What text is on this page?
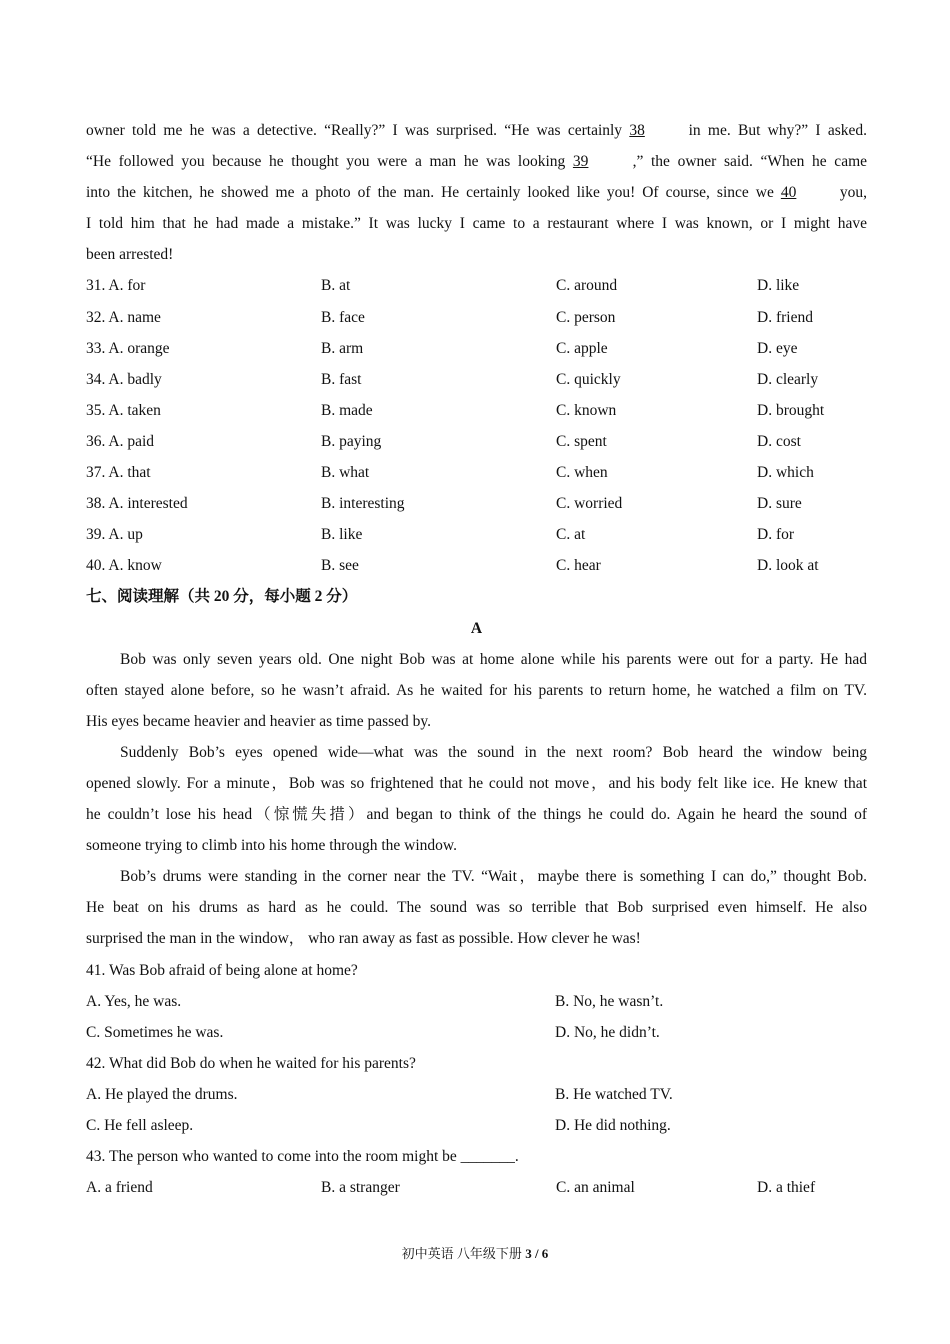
owner told me he was a detective. “Really?” I was surprised. “He was certainly 38 in me. But why?” I asked.
“He followed you because he thought you were a man he was looking 39 ,” the owner said. “When he came
into the kitchen, he showed me a photo of the man. He certainly looked like you! Of course, since we 40 you,
I told him that he had made a mistake.” It was lucky I came to a restaurant where I was known, or I might have
been arrested!
31. A. for	B. at	C. around	D. like
32. A. name	B. face	C. person	D. friend
33. A. orange	B. arm	C. apple	D. eye
34. A. badly	B. fast	C. quickly	D. clearly
35. A. taken	B. made	C. known	D. brought
36. A. paid	B. paying	C. spent	D. cost
37. A. that	B. what	C. when	D. which
38. A. interested	B. interesting	C. worried	D. sure
39. A. up	B. like	C. at	D. for
40. A. know	B. see	C. hear	D. look at
七、阅读理解（共 20 分，每小题 2 分）
A
Bob was only seven years old. One night Bob was at home alone while his parents were out for a party. He had
often stayed alone before, so he wasn’t afraid. As he waited for his parents to return home, he watched a film on TV.
His eyes became heavier and heavier as time passed by.
Suddenly Bob’s eyes opened wide—what was the sound in the next room? Bob heard the window being
opened slowly. For a minute，Bob was so frightened that he could not move，and his body felt like ice. He knew that
he couldn’t lose his head（惊慌失措）and began to think of the things he could do. Again he heard the sound of
someone trying to climb into his home through the window.
Bob’s drums were standing in the corner near the TV. “Wait，maybe there is something I can do,” thought Bob.
He beat on his drums as hard as he could. The sound was so terrible that Bob surprised even himself. He also
surprised the man in the window， who ran away as fast as possible. How clever he was!
41. Was Bob afraid of being alone at home?
A. Yes, he was.	B. No, he wasn’t.
C. Sometimes he was.	D. No, he didn’t.
42. What did Bob do when he waited for his parents?
A. He played the drums.	B. He watched TV.
C. He fell asleep.	D. He did nothing.
43. The person who wanted to come into the room might be _______.
A. a friend	B. a stranger	C. an animal	D. a thief
初中英语 八年级下册 3 / 6
